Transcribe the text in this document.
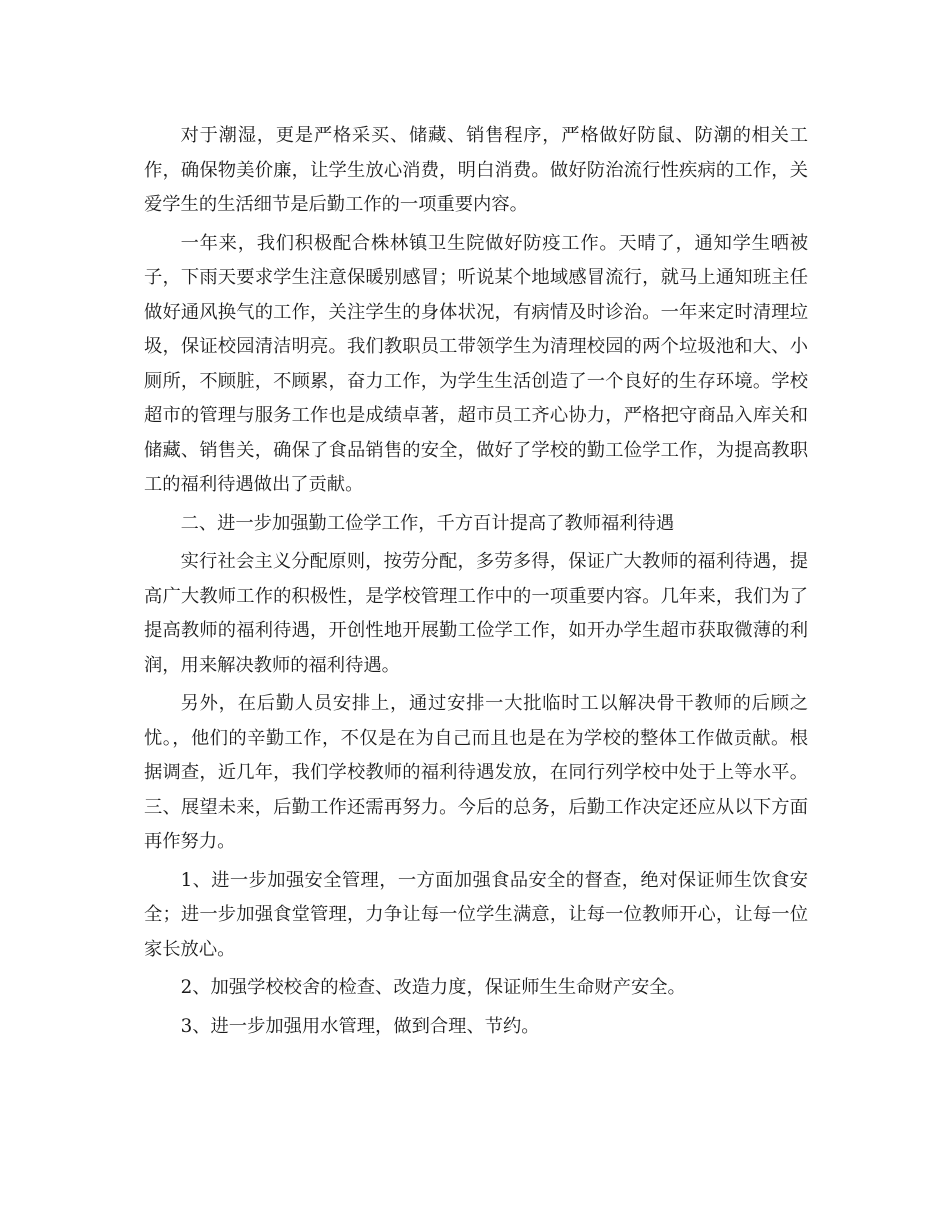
对于潮湿，更是严格采买、储藏、销售程序，严格做好防鼠、防潮的相关工作，确保物美价廉，让学生放心消费，明白消费。做好防治流行性疾病的工作，关爱学生的生活细节是后勤工作的一项重要内容。

一年来，我们积极配合株林镇卫生院做好防疫工作。天晴了，通知学生晒被子，下雨天要求学生注意保暖别感冒；听说某个地域感冒流行，就马上通知班主任做好通风换气的工作，关注学生的身体状况，有病情及时诊治。一年来定时清理垃圾，保证校园清洁明亮。我们教职员工带领学生为清理校园的两个垃圾池和大、小厕所，不顾脏，不顾累，奋力工作，为学生生活创造了一个良好的生存环境。学校超市的管理与服务工作也是成绩卓著，超市员工齐心协力，严格把守商品入库关和储藏、销售关，确保了食品销售的安全，做好了学校的勤工俭学工作，为提高教职工的福利待遇做出了贡献。

二、进一步加强勤工俭学工作，千方百计提高了教师福利待遇

实行社会主义分配原则，按劳分配，多劳多得，保证广大教师的福利待遇，提高广大教师工作的积极性，是学校管理工作中的一项重要内容。几年来，我们为了提高教师的福利待遇，开创性地开展勤工俭学工作，如开办学生超市获取微薄的利润，用来解决教师的福利待遇。

另外，在后勤人员安排上，通过安排一大批临时工以解决骨干教师的后顾之忧。，他们的辛勤工作，不仅是在为自己而且也是在为学校的整体工作做贡献。根据调查，近几年，我们学校教师的福利待遇发放，在同行列学校中处于上等水平。三、展望未来，后勤工作还需再努力。今后的总务，后勤工作决定还应从以下方面再作努力。

1、进一步加强安全管理，一方面加强食品安全的督查，绝对保证师生饮食安全；进一步加强食堂管理，力争让每一位学生满意，让每一位教师开心，让每一位家长放心。

2、加强学校校舍的检查、改造力度，保证师生生命财产安全。

3、进一步加强用水管理，做到合理、节约。
